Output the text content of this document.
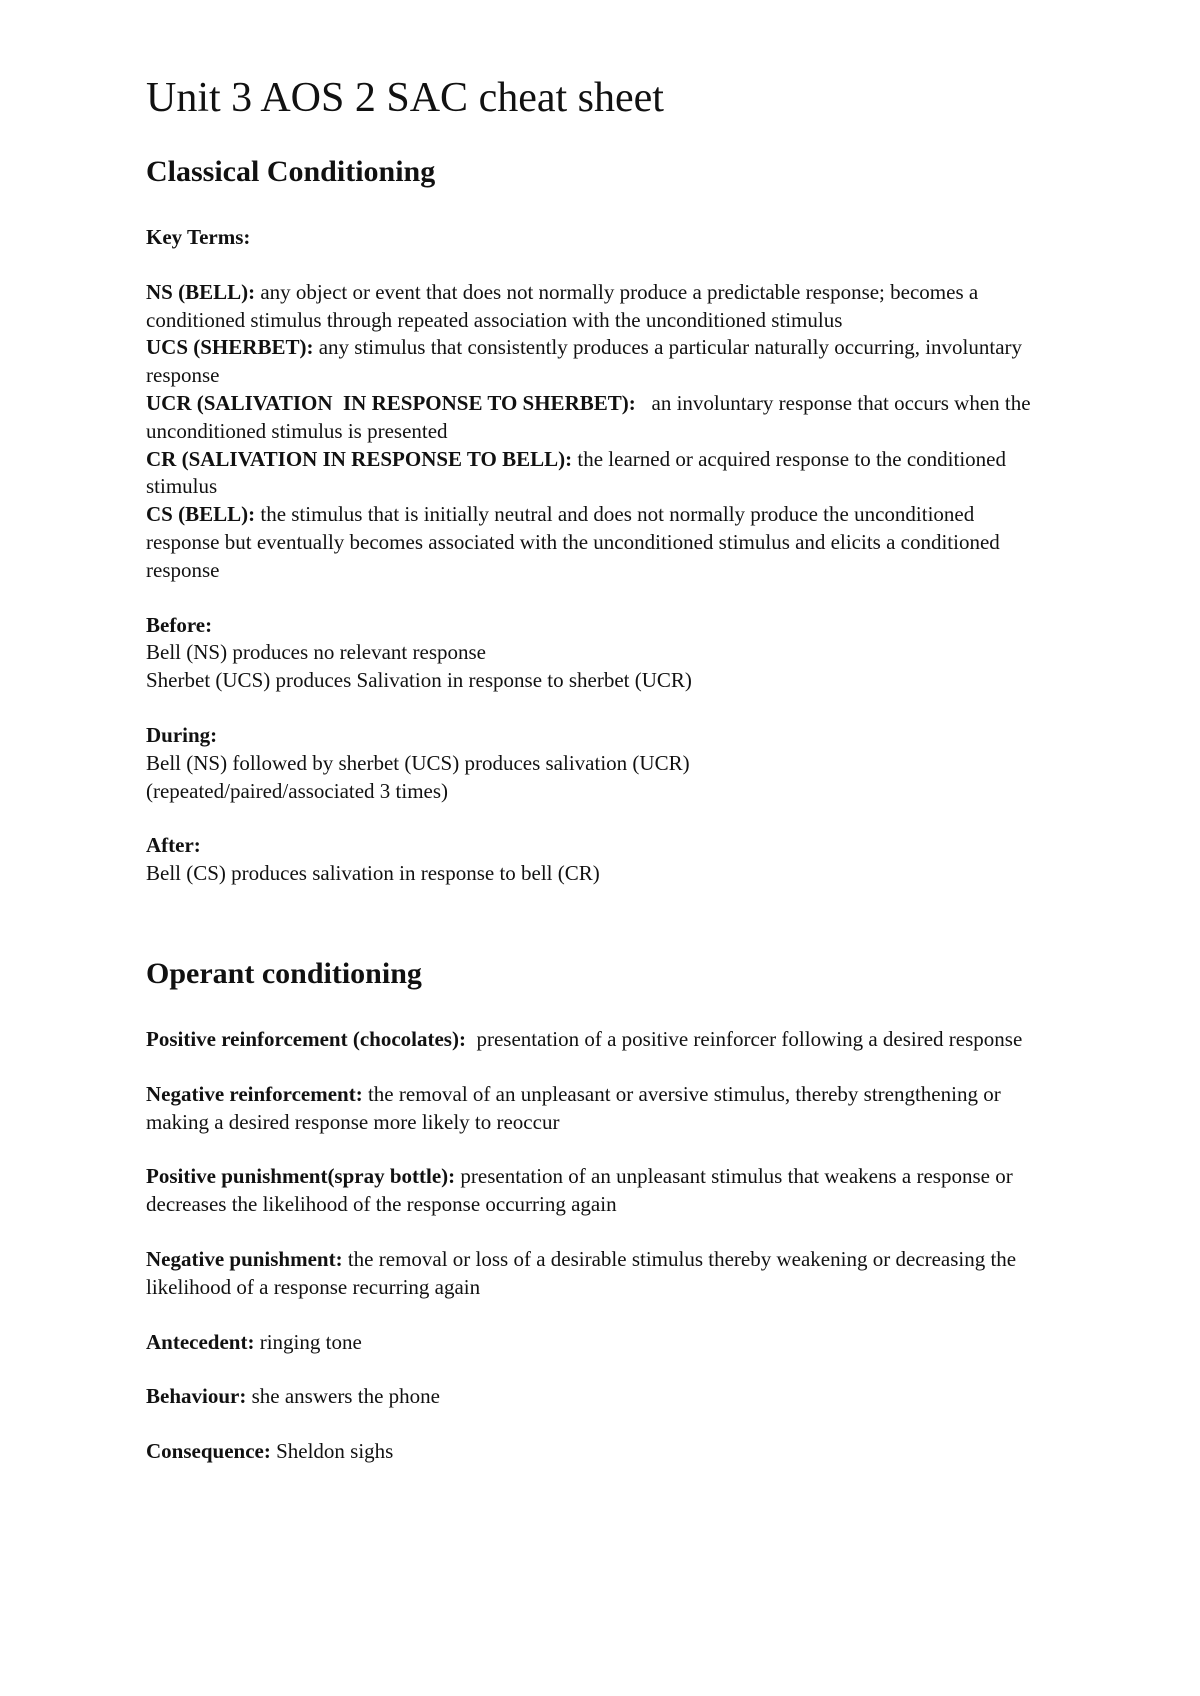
Unit 3 AOS 2 SAC cheat sheet
Classical Conditioning

Key Terms:

NS (BELL): any object or event that does not normally produce a predictable response; becomes a conditioned stimulus through repeated association with the unconditioned stimulus

UCS (SHERBET): any stimulus that consistently produces a particular naturally occurring, involuntary response

UCR (SALIVATION  IN RESPONSE TO SHERBET):   an involuntary response that occurs when the unconditioned stimulus is presented

CR (SALIVATION IN RESPONSE TO BELL): the learned or acquired response to the conditioned stimulus

CS (BELL): the stimulus that is initially neutral and does not normally produce the unconditioned response but eventually becomes associated with the unconditioned stimulus and elicits a conditioned response

Before:

Bell (NS) produces no relevant response

Sherbet (UCS) produces Salivation in response to sherbet (UCR)

During:

Bell (NS) followed by sherbet (UCS) produces salivation (UCR)

(repeated/paired/associated 3 times)

After:

Bell (CS) produces salivation in response to bell (CR)

Operant conditioning

Positive reinforcement (chocolates):  presentation of a positive reinforcer following a desired response

Negative reinforcement: the removal of an unpleasant or aversive stimulus, thereby strengthening or making a desired response more likely to reoccur

Positive punishment(spray bottle): presentation of an unpleasant stimulus that weakens a response or decreases the likelihood of the response occurring again

Negative punishment: the removal or loss of a desirable stimulus thereby weakening or decreasing the likelihood of a response recurring again

Antecedent: ringing tone

Behaviour: she answers the phone

Consequence: Sheldon sighs
